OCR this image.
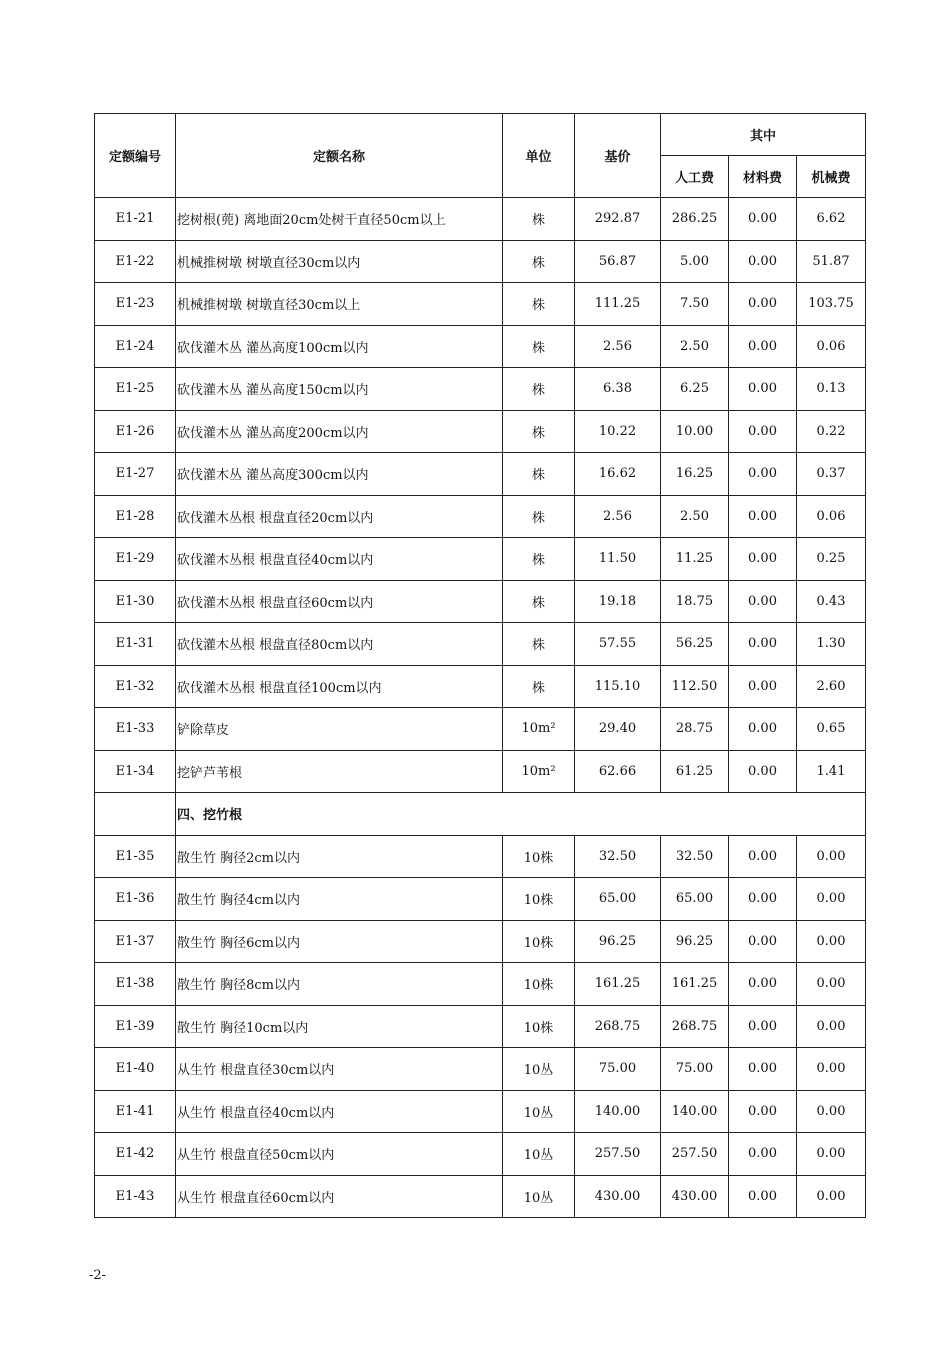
定额编号	定额名称	单位	基价	其中		
				人工费	材料费	机械费
E1-21	挖树根(蔸) 离地面20cm处树干直径50cm以上	株	292.87	286.25	0.00	6.62
E1-22	机械推树墩 树墩直径30cm以内	株	56.87	5.00	0.00	51.87
E1-23	机械推树墩 树墩直径30cm以上	株	111.25	7.50	0.00	103.75
E1-24	砍伐灌木丛 灌丛高度100cm以内	株	2.56	2.50	0.00	0.06
E1-25	砍伐灌木丛 灌丛高度150cm以内	株	6.38	6.25	0.00	0.13
E1-26	砍伐灌木丛 灌丛高度200cm以内	株	10.22	10.00	0.00	0.22
E1-27	砍伐灌木丛 灌丛高度300cm以内	株	16.62	16.25	0.00	0.37
E1-28	砍伐灌木丛根 根盘直径20cm以内	株	2.56	2.50	0.00	0.06
E1-29	砍伐灌木丛根 根盘直径40cm以内	株	11.50	11.25	0.00	0.25
E1-30	砍伐灌木丛根 根盘直径60cm以内	株	19.18	18.75	0.00	0.43
E1-31	砍伐灌木丛根 根盘直径80cm以内	株	57.55	56.25	0.00	1.30
E1-32	砍伐灌木丛根 根盘直径100cm以内	株	115.10	112.50	0.00	2.60
E1-33	铲除草皮	10m²	29.40	28.75	0.00	0.65
E1-34	挖铲芦苇根	10m²	62.66	61.25	0.00	1.41
	四、挖竹根					
E1-35	散生竹 胸径2cm以内	10株	32.50	32.50	0.00	0.00
E1-36	散生竹 胸径4cm以内	10株	65.00	65.00	0.00	0.00
E1-37	散生竹 胸径6cm以内	10株	96.25	96.25	0.00	0.00
E1-38	散生竹 胸径8cm以内	10株	161.25	161.25	0.00	0.00
E1-39	散生竹 胸径10cm以内	10株	268.75	268.75	0.00	0.00
E1-40	从生竹 根盘直径30cm以内	10丛	75.00	75.00	0.00	0.00
E1-41	从生竹 根盘直径40cm以内	10丛	140.00	140.00	0.00	0.00
E1-42	从生竹 根盘直径50cm以内	10丛	257.50	257.50	0.00	0.00
E1-43	从生竹 根盘直径60cm以内	10丛	430.00	430.00	0.00	0.00
-2-
